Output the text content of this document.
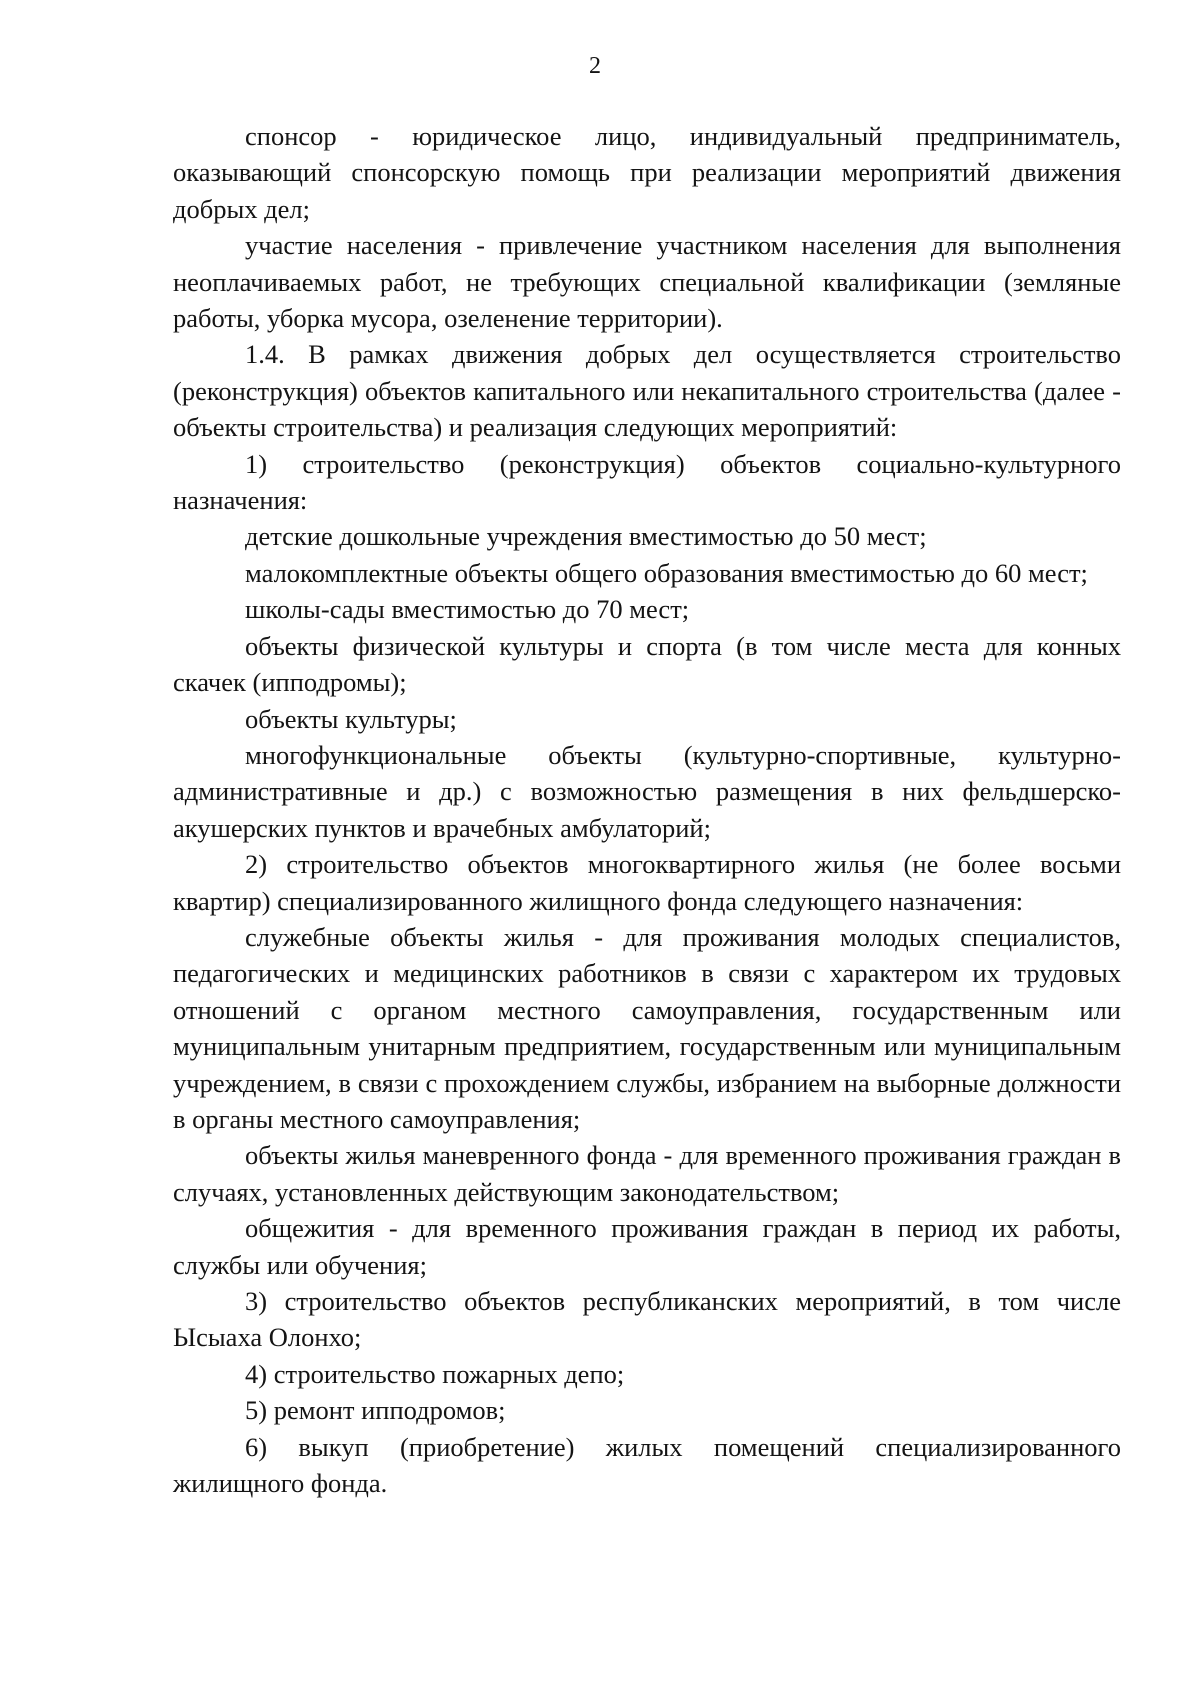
2

спонсор - юридическое лицо, индивидуальный предприниматель, оказывающий спонсорскую помощь при реализации мероприятий движения добрых дел;

участие населения - привлечение участником населения для выполнения неоплачиваемых работ, не требующих специальной квалификации (земляные работы, уборка мусора, озеленение территории).

1.4. В рамках движения добрых дел осуществляется строительство (реконструкция) объектов капитального или некапитального строительства (далее - объекты строительства) и реализация следующих мероприятий:

1) строительство (реконструкция) объектов социально-культурного назначения:

детские дошкольные учреждения вместимостью до 50 мест;

малокомплектные объекты общего образования вместимостью до 60 мест;

школы-сады вместимостью до 70 мест;

объекты физической культуры и спорта (в том числе места для конных скачек (ипподромы);

объекты культуры;

многофункциональные объекты (культурно-спортивные, культурно-административные и др.) с возможностью размещения в них фельдшерско-акушерских пунктов и врачебных амбулаторий;

2) строительство объектов многоквартирного жилья (не более восьми квартир) специализированного жилищного фонда следующего назначения:

служебные объекты жилья - для проживания молодых специалистов, педагогических и медицинских работников в связи с характером их трудовых отношений с органом местного самоуправления, государственным или муниципальным унитарным предприятием, государственным или муниципальным учреждением, в связи с прохождением службы, избранием на выборные должности в органы местного самоуправления;

объекты жилья маневренного фонда - для временного проживания граждан в случаях, установленных действующим законодательством;

общежития - для временного проживания граждан в период их работы, службы или обучения;

3) строительство объектов республиканских мероприятий, в том числе Ысыаха Олонхо;

4) строительство пожарных депо;

5) ремонт ипподромов;

6) выкуп (приобретение) жилых помещений специализированного жилищного фонда.
